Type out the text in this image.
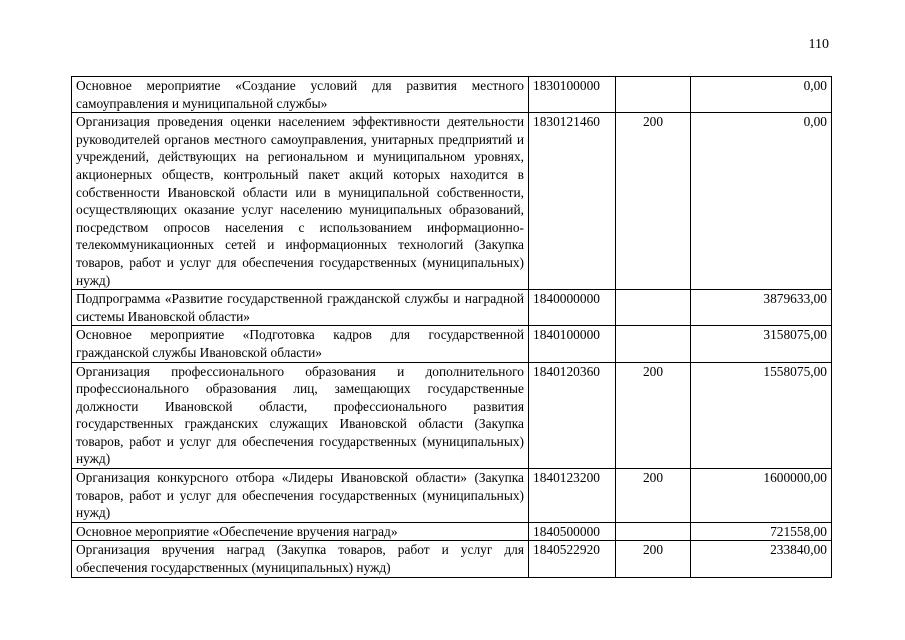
110
Основное мероприятие «Создание условий для развития местного самоуправления и муниципальной службы»	1830100000		0,00
Организация проведения оценки населением эффективности деятельности руководителей органов местного самоуправления, унитарных предприятий и учреждений, действующих на региональном и муниципальном уровнях, акционерных обществ, контрольный пакет акций которых находится в собственности Ивановской области или в муниципальной собственности, осуществляющих оказание услуг населению муниципальных образований, посредством опросов населения с использованием информационно-телекоммуникационных сетей и информационных технологий (Закупка товаров, работ и услуг для обеспечения государственных (муниципальных) нужд)	1830121460	200	0,00
Подпрограмма «Развитие государственной гражданской службы и наградной системы Ивановской области»	1840000000		3879633,00
Основное мероприятие «Подготовка кадров для государственной гражданской службы Ивановской области»	1840100000		3158075,00
Организация профессионального образования и дополнительного профессионального образования лиц, замещающих государственные должности Ивановской области, профессионального развития государственных гражданских служащих Ивановской области (Закупка товаров, работ и услуг для обеспечения государственных (муниципальных) нужд)	1840120360	200	1558075,00
Организация конкурсного отбора «Лидеры Ивановской области» (Закупка товаров, работ и услуг для обеспечения государственных (муниципальных) нужд)	1840123200	200	1600000,00
Основное мероприятие «Обеспечение вручения наград»	1840500000		721558,00
Организация вручения наград (Закупка товаров, работ и услуг для обеспечения государственных (муниципальных) нужд)	1840522920	200	233840,00
